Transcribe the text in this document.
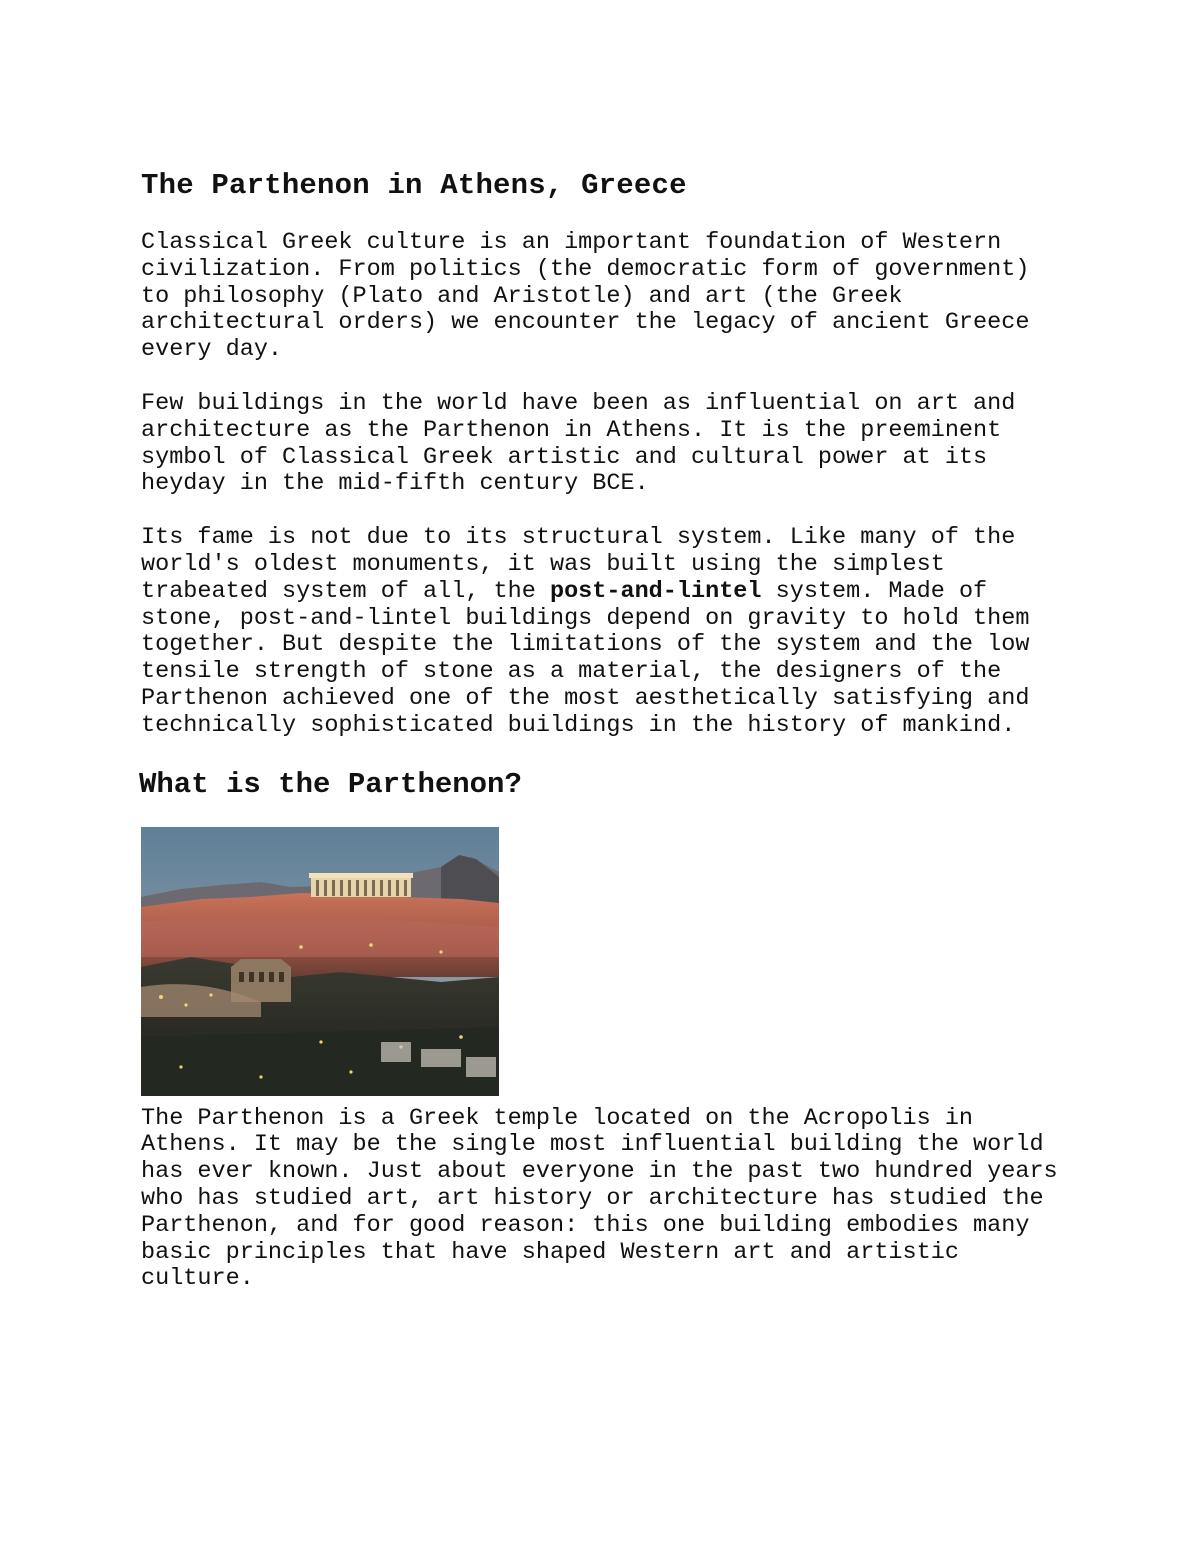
The Parthenon in Athens, Greece

Classical Greek culture is an important foundation of Western
civilization. From politics (the democratic form of government)
to philosophy (Plato and Aristotle) and art (the Greek
architectural orders) we encounter the legacy of ancient Greece
every day.

Few buildings in the world have been as influential on art and
architecture as the Parthenon in Athens. It is the preeminent
symbol of Classical Greek artistic and cultural power at its
heyday in the mid-fifth century BCE.

Its fame is not due to its structural system. Like many of the
world's oldest monuments, it was built using the simplest
trabeated system of all, the post-and-lintel system. Made of
stone, post-and-lintel buildings depend on gravity to hold them
together. But despite the limitations of the system and the low
tensile strength of stone as a material, the designers of the
Parthenon achieved one of the most aesthetically satisfying and
technically sophisticated buildings in the history of mankind.

What is the Parthenon?

The Parthenon is a Greek temple located on the Acropolis in
Athens. It may be the single most influential building the world
has ever known. Just about everyone in the past two hundred years
who has studied art, art history or architecture has studied the
Parthenon, and for good reason: this one building embodies many
basic principles that have shaped Western art and artistic
culture.
